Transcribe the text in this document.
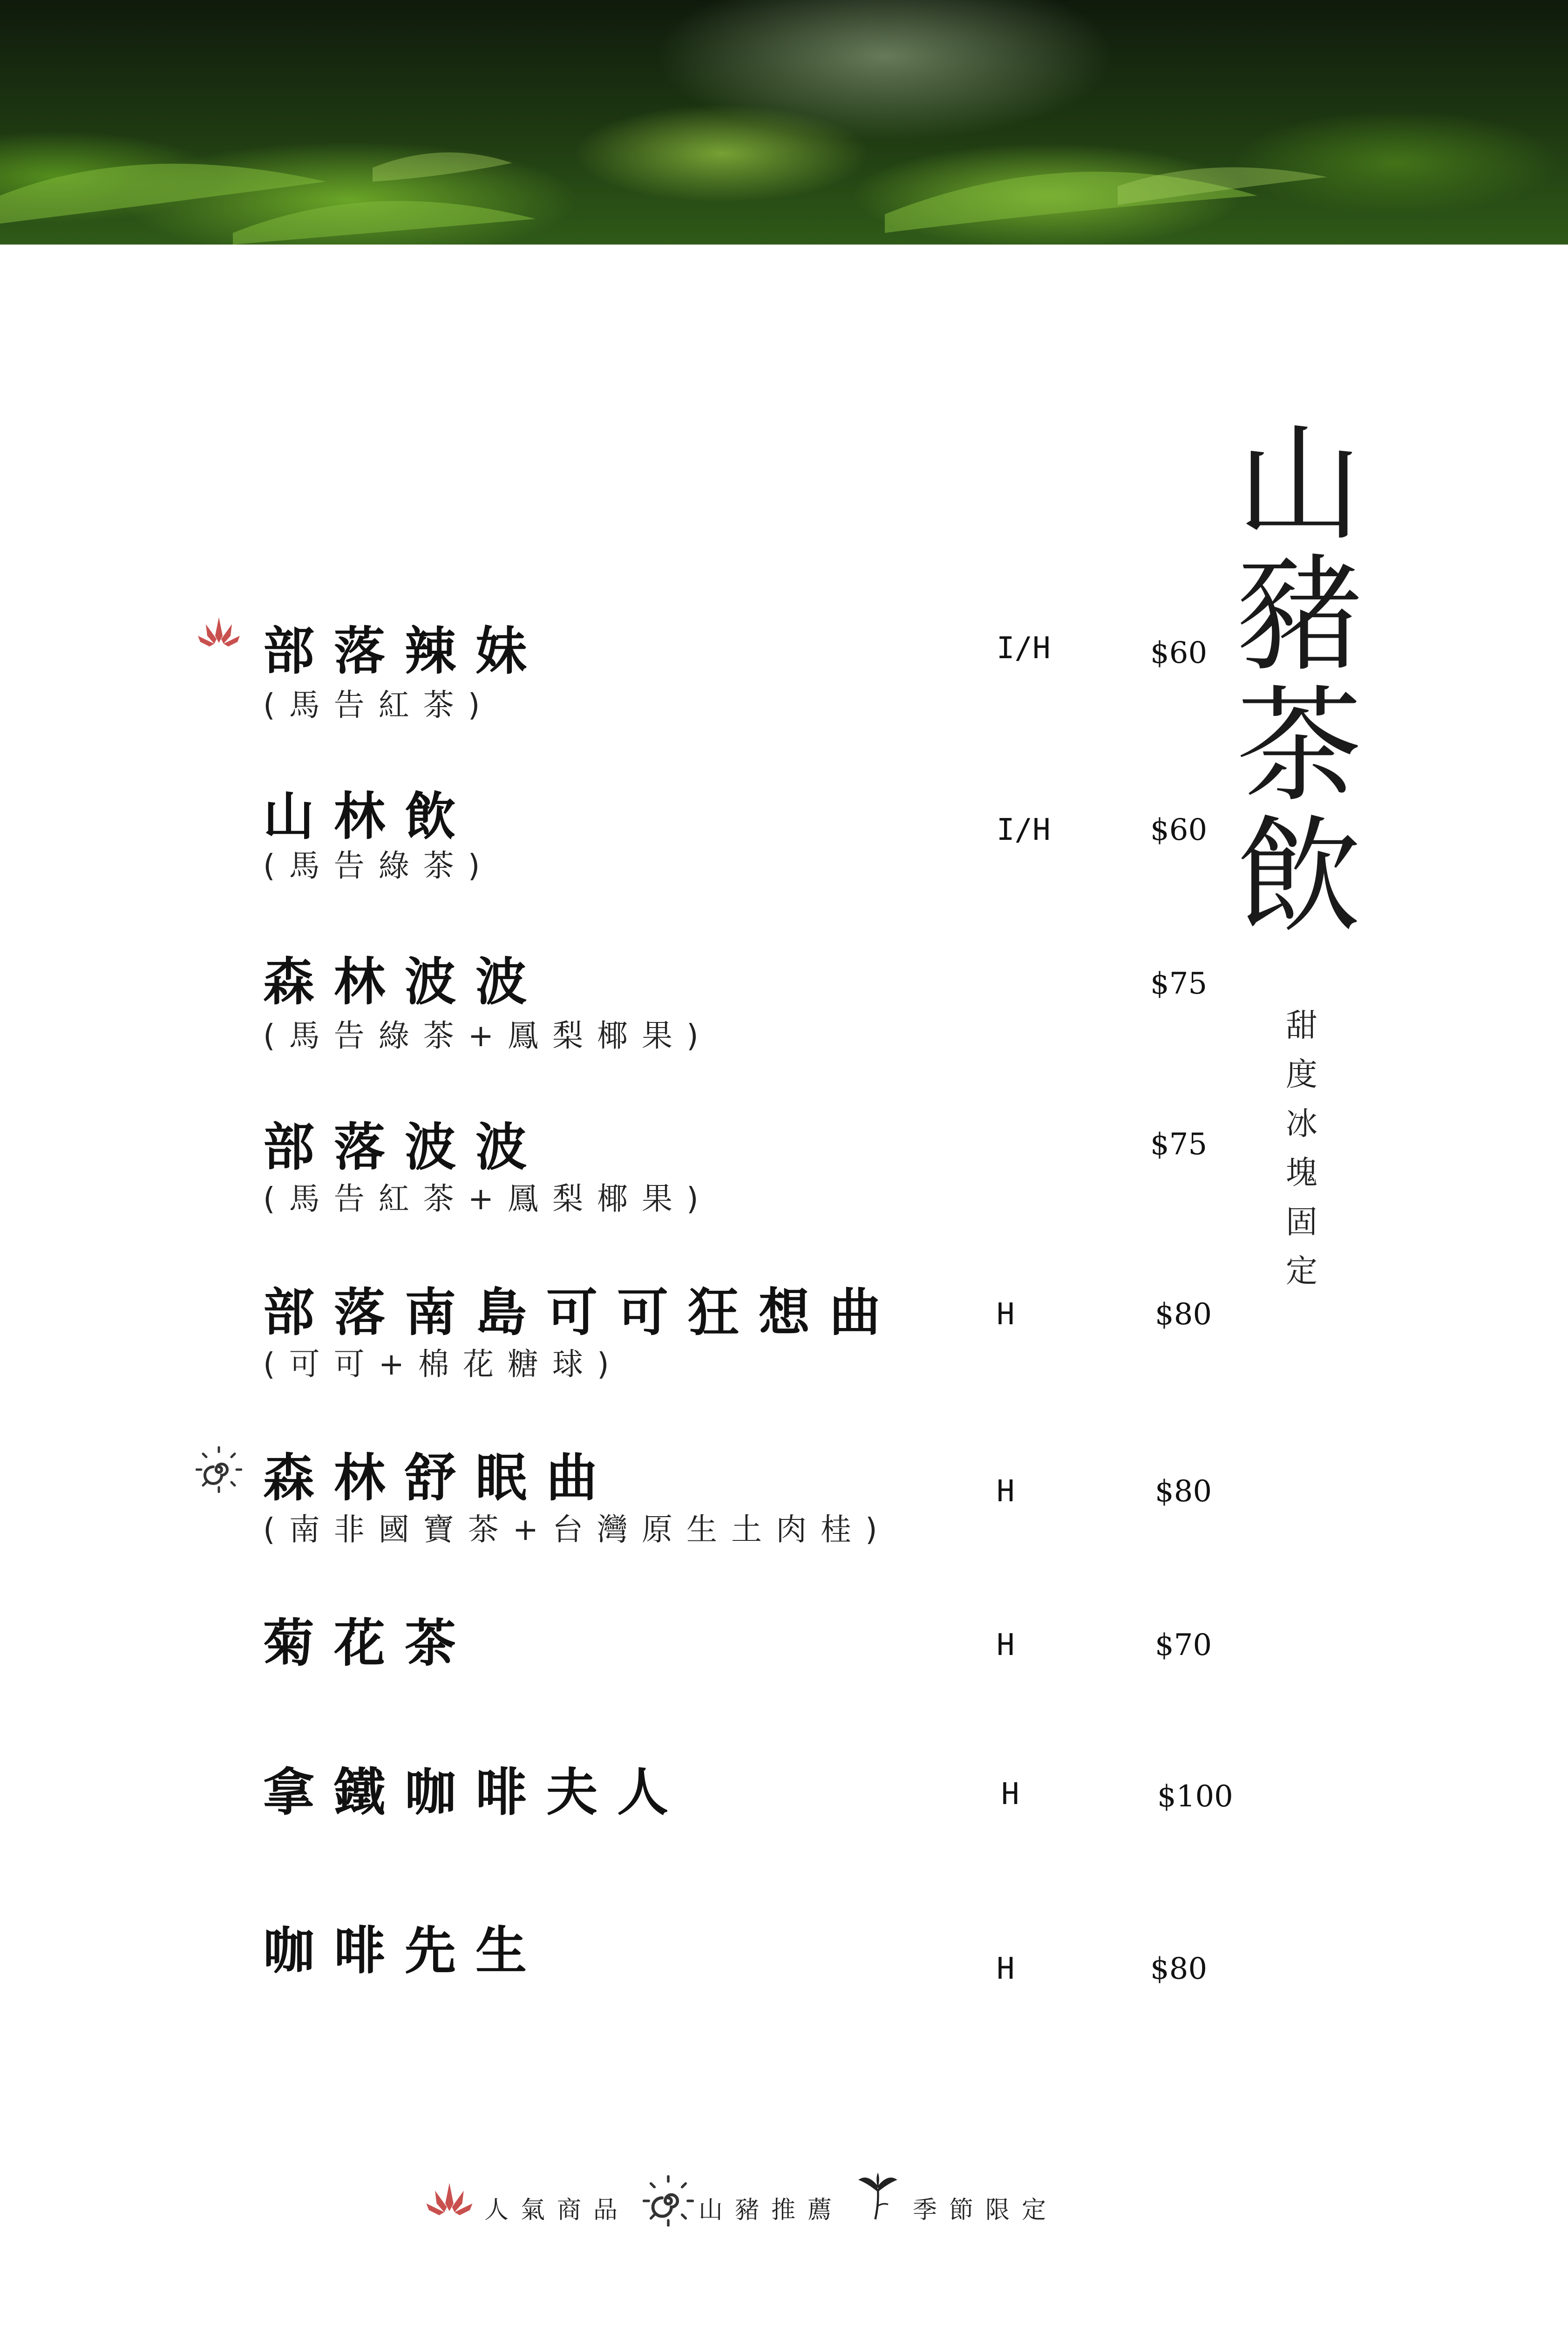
山
豬
茶
飲
甜
度
冰
塊
固
定
部落辣妹
(馬告紅茶)
I/H	$60
山林飲
(馬告綠茶)
I/H	$60
森林波波
(馬告綠茶+鳳梨椰果)
$75
部落波波
(馬告紅茶+鳳梨椰果)
$75
部落南島可可狂想曲
(可可+棉花糖球)
H	$80
森林舒眠曲
(南非國寶茶+台灣原生土肉桂)
H	$80
菊花茶	H	$70
拿鐵咖啡夫人	H	$100
咖啡先生	H	$80
人氣商品	山豬推薦	季節限定
